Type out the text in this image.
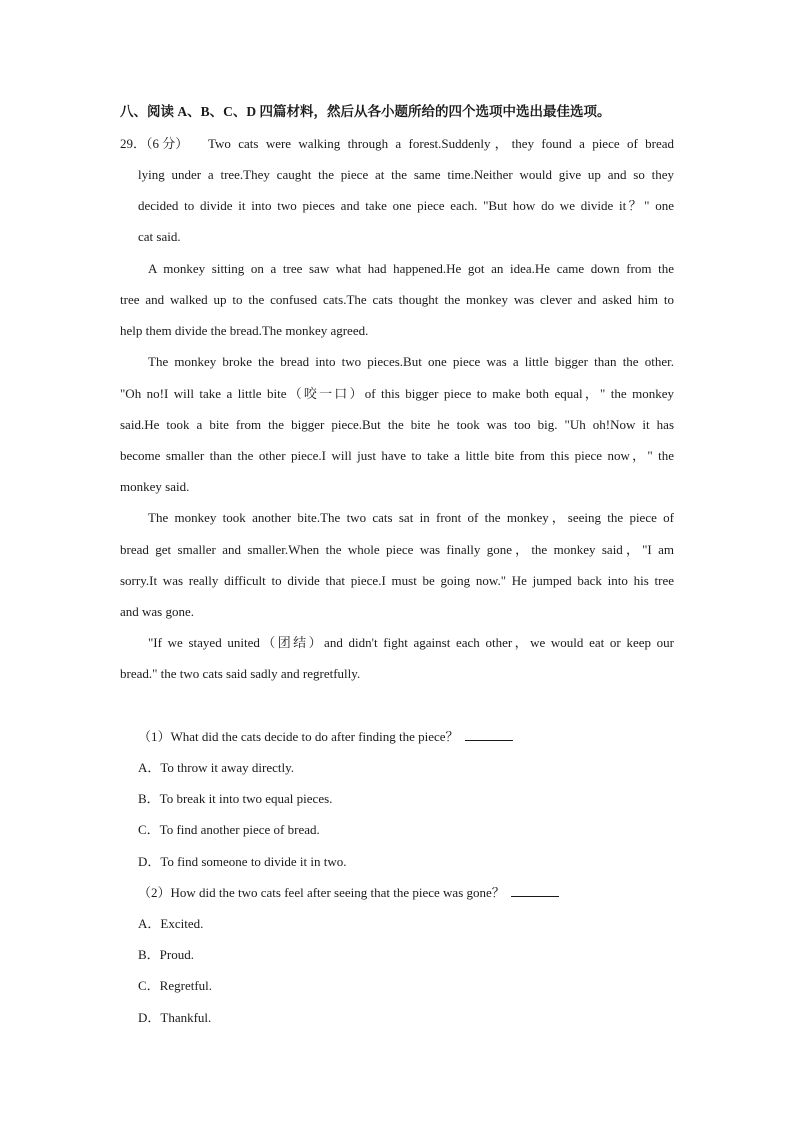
八、阅读 A、B、C、D 四篇材料，然后从各小题所给的四个选项中选出最佳选项。
29．（6 分） Two cats were walking through a forest.Suddenly，they found a piece of bread
lying under a tree.They caught the piece at the same time.Neither would give up and so they
decided to divide it into two pieces and take one piece each. "But how do we divide it？" one
cat said.
A monkey sitting on a tree saw what had happened.He got an idea.He came down from the
tree and walked up to the confused cats.The cats thought the monkey was clever and asked him to
help them divide the bread.The monkey agreed.
The monkey broke the bread into two pieces.But one piece was a little bigger than the other.
"Oh no!I will take a little bite（咬一口）of this bigger piece to make both equal，" the monkey
said.He took a bite from the bigger piece.But the bite he took was too big. "Uh oh!Now it has
become smaller than the other piece.I will just have to take a little bite from this piece now，" the
monkey said.
The monkey took another bite.The two cats sat in front of the monkey，seeing the piece of
bread get smaller and smaller.When the whole piece was finally gone，the monkey said，"I am
sorry.It was really difficult to divide that piece.I must be going now." He jumped back into his tree
and was gone.
"If we stayed united（团结）and didn't fight against each other，we would eat or keep our
bread." the two cats said sadly and regretfully.
（1）What did the cats decide to do after finding the piece？
A．To throw it away directly.
B．To break it into two equal pieces.
C．To find another piece of bread.
D．To find someone to divide it in two.
（2）How did the two cats feel after seeing that the piece was gone？
A．Excited.
B．Proud.
C．Regretful.
D．Thankful.
